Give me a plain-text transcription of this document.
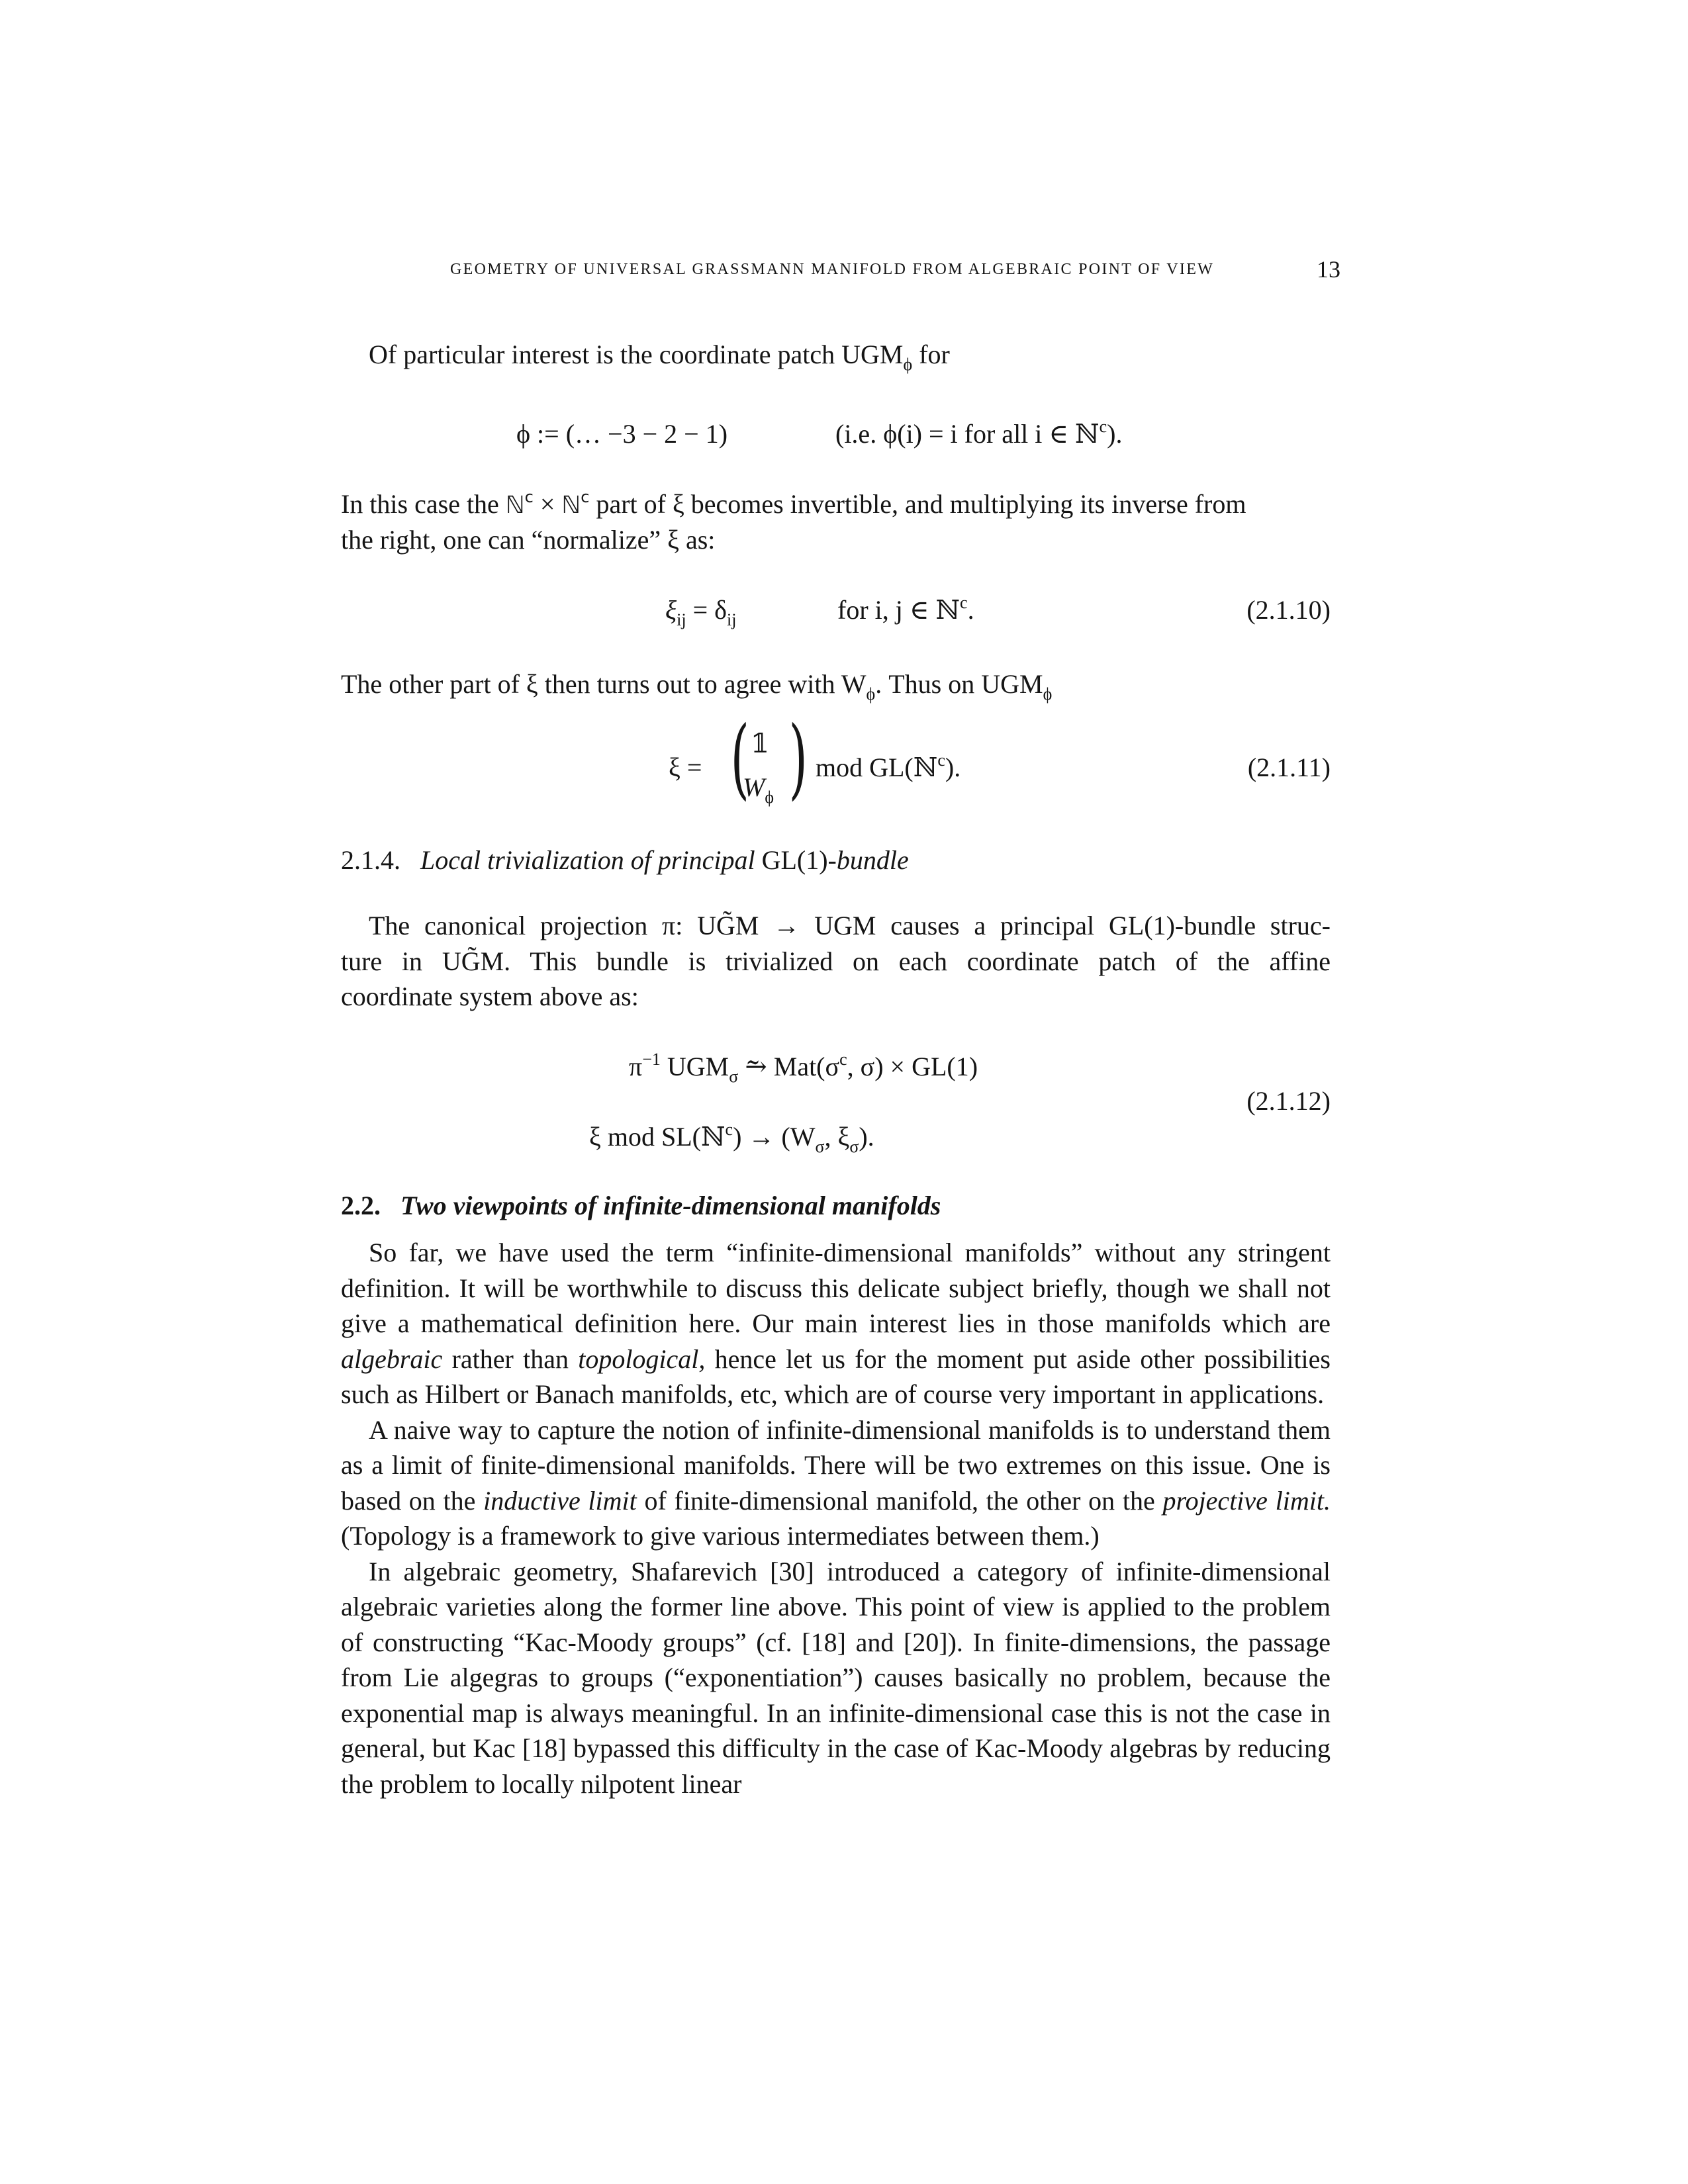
GEOMETRY OF UNIVERSAL GRASSMANN MANIFOLD FROM ALGEBRAIC POINT OF VIEW	13
Of particular interest is the coordinate patch $UGM_\phi$ for
ϕ := (… −3 − 2 − 1)	(i.e. ϕ(i) = i for all i ∈ ℕ$^c$).
In this case the ℕ$^c$ × ℕ$^c$ part of ξ becomes invertible, and multiplying its inverse from
the right, one can “normalize” ξ as:
$\xi_{ij} = \delta_{ij}$	for i, j ∈ ℕ$^c$.	(2.1.10)
The other part of ξ then turns out to agree with $W_\phi$. Thus on $UGM_\phi$
ξ = ( 𝟙
$W_\phi$ ) mod GL(ℕ$^c$).	(2.1.11)
2.1.4. Local trivialization of principal GL(1)-bundle
The canonical projection π: UG̃M → UGM causes a principal GL(1)-bundle struc-
ture in UG̃M. This bundle is trivialized on each coordinate patch of the affine
coordinate system above as:
$\pi^{-1}$ $UGM_\sigma$ ⥲ $Mat(\sigma^c$, σ) × GL(1)
ξ mod SL(ℕ$^c$) → ($W_\sigma$, $\xi_\sigma$).
(2.1.12)
2.2. Two viewpoints of infinite-dimensional manifolds

So far, we have used the term “infinite-dimensional manifolds” without any stringent definition. It will be worthwhile to discuss this delicate subject briefly, though we shall not give a mathematical definition here. Our main interest lies in those manifolds which are algebraic rather than topological, hence let us for the moment put aside other possibilities such as Hilbert or Banach manifolds, etc, which are of course very important in applications.

A naive way to capture the notion of infinite-dimensional manifolds is to understand them as a limit of finite-dimensional manifolds. There will be two extremes on this issue. One is based on the inductive limit of finite-dimensional manifold, the other on the projective limit. (Topology is a framework to give various intermediates between them.)

In algebraic geometry, Shafarevich [30] introduced a category of infinite-dimensional algebraic varieties along the former line above. This point of view is applied to the problem of constructing “Kac-Moody groups” (cf. [18] and [20]). In finite-dimensions, the passage from Lie algegras to groups (“exponentiation”) causes basically no problem, because the exponential map is always meaningful. In an infinite-dimensional case this is not the case in general, but Kac [18] bypassed this difficulty in the case of Kac-Moody algebras by reducing the problem to locally nilpotent linear
